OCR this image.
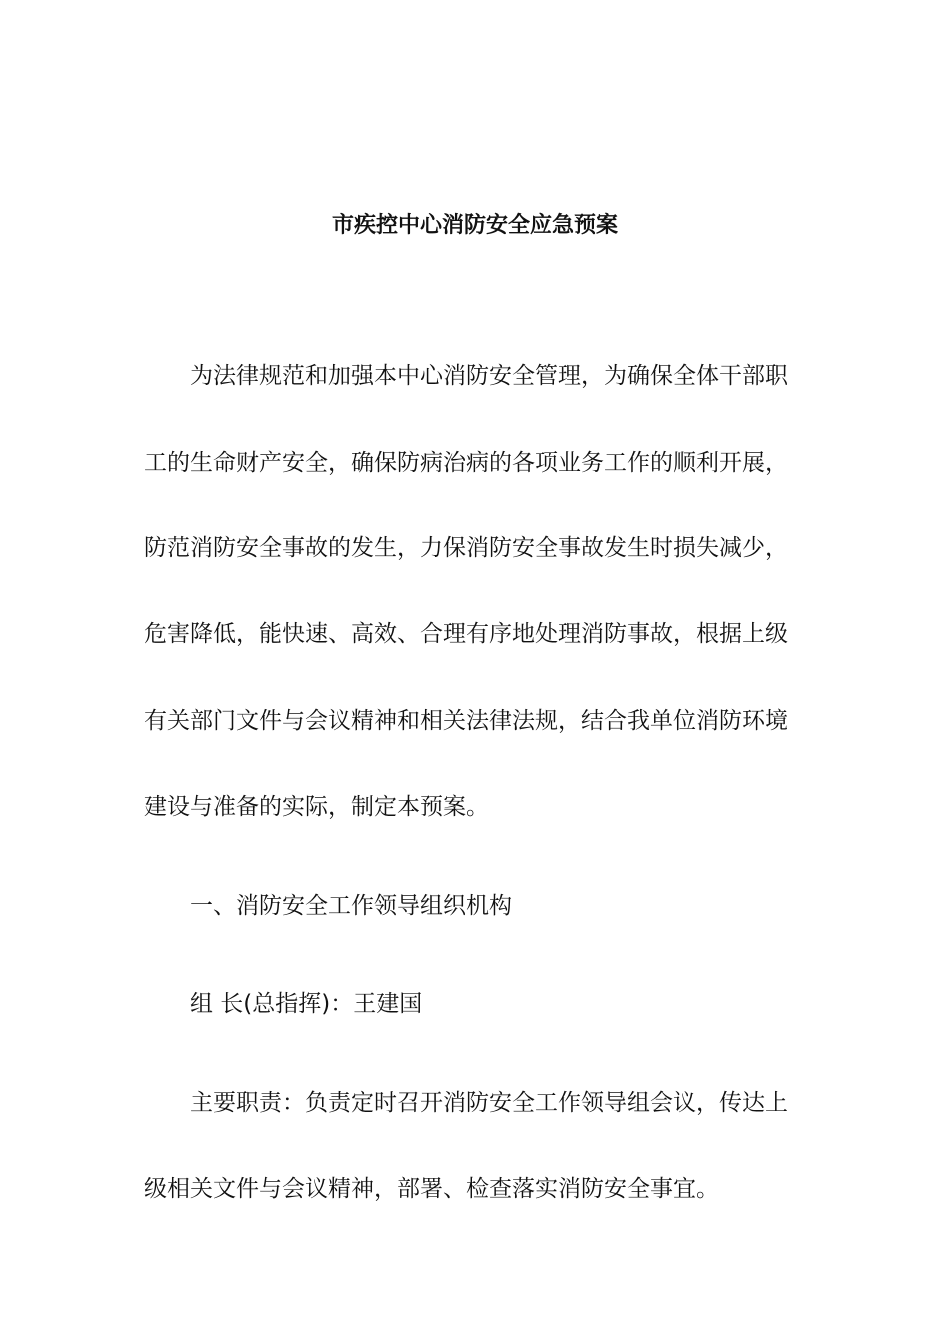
市疾控中心消防安全应急预案
为法律规范和加强本中心消防安全管理，为确保全体干部职
工的生命财产安全，确保防病治病的各项业务工作的顺利开展，
防范消防安全事故的发生，力保消防安全事故发生时损失减少，
危害降低，能快速、高效、合理有序地处理消防事故，根据上级
有关部门文件与会议精神和相关法律法规，结合我单位消防环境
建设与准备的实际，制定本预案。
一、消防安全工作领导组织机构
组 长(总指挥)：王建国
主要职责：负责定时召开消防安全工作领导组会议，传达上
级相关文件与会议精神，部署、检查落实消防安全事宜。
